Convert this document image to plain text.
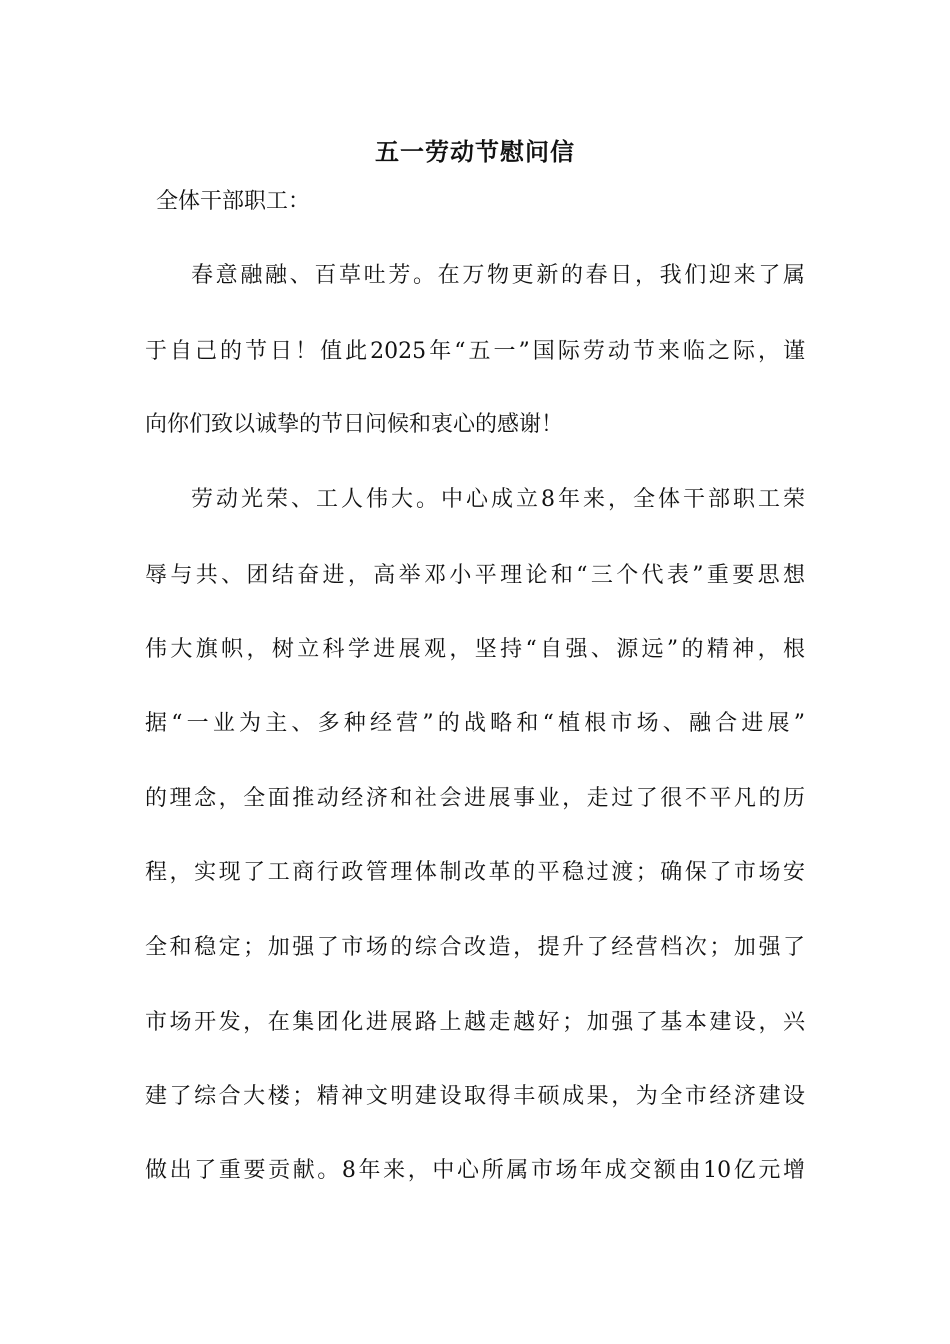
五一劳动节慰问信
全体干部职工：
春意融融、百草吐芳。在万物更新的春日，我们迎来了属
于自己的节日！值此2025年“五一”国际劳动节来临之际，谨
向你们致以诚挚的节日问候和衷心的感谢！
劳动光荣、工人伟大。中心成立8年来，全体干部职工荣
辱与共、团结奋进，高举邓小平理论和“三个代表”重要思想
伟大旗帜，树立科学进展观，坚持“自强、源远”的精神，根
据“一业为主、多种经营”的战略和“植根市场、融合进展”
的理念，全面推动经济和社会进展事业，走过了很不平凡的历
程，实现了工商行政管理体制改革的平稳过渡；确保了市场安
全和稳定；加强了市场的综合改造，提升了经营档次；加强了
市场开发，在集团化进展路上越走越好；加强了基本建设，兴
建了综合大楼；精神文明建设取得丰硕成果，为全市经济建设
做出了重要贡献。8年来，中心所属市场年成交额由10亿元增
